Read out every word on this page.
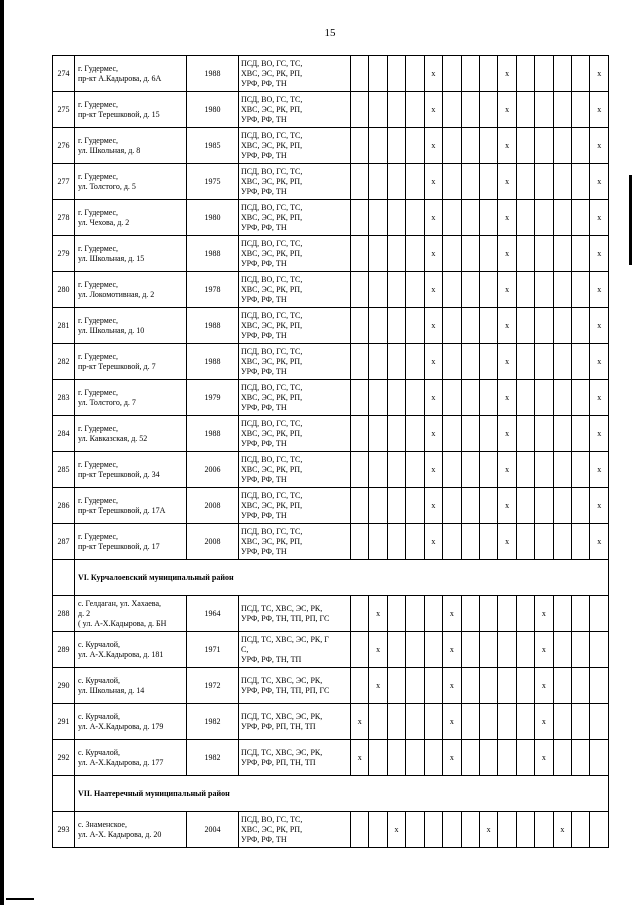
15
274	г. Гудермес,
пр-кт А.Кадырова, д. 6А	1988	ПСД, ВО, ГС, ТС,
ХВС, ЭС, РК, РП,
УРФ, РФ, ТН					x				x					x
275	г. Гудермес,
пр-кт Терешковой, д. 15	1980	ПСД, ВО, ГС, ТС,
ХВС, ЭС, РК, РП,
УРФ, РФ, ТН					x				x					x
276	г. Гудермес,
ул. Школьная, д. 8	1985	ПСД, ВО, ГС, ТС,
ХВС, ЭС, РК, РП,
УРФ, РФ, ТН					x				x					x
277	г. Гудермес,
ул. Толстого, д. 5	1975	ПСД, ВО, ГС, ТС,
ХВС, ЭС, РК, РП,
УРФ, РФ, ТН					x				x					x
278	г. Гудермес,
ул. Чехова, д. 2	1980	ПСД, ВО, ГС, ТС,
ХВС, ЭС, РК, РП,
УРФ, РФ, ТН					x				x					x
279	г. Гудермес,
ул. Школьная, д. 15	1988	ПСД, ВО, ГС, ТС,
ХВС, ЭС, РК, РП,
УРФ, РФ, ТН					x				x					x
280	г. Гудермес,
ул. Локомотивная, д. 2	1978	ПСД, ВО, ГС, ТС,
ХВС, ЭС, РК, РП,
УРФ, РФ, ТН					x				x					x
281	г. Гудермес,
ул. Школьная, д. 10	1988	ПСД, ВО, ГС, ТС,
ХВС, ЭС, РК, РП,
УРФ, РФ, ТН					x				x					x
282	г. Гудермес,
пр-кт Терешковой, д. 7	1988	ПСД, ВО, ГС, ТС,
ХВС, ЭС, РК, РП,
УРФ, РФ, ТН					x				x					x
283	г. Гудермес,
ул. Толстого, д. 7	1979	ПСД, ВО, ГС, ТС,
ХВС, ЭС, РК, РП,
УРФ, РФ, ТН					x				x					x
284	г. Гудермес,
ул. Кавказская, д. 52	1988	ПСД, ВО, ГС, ТС,
ХВС, ЭС, РК, РП,
УРФ, РФ, ТН					x				x					x
285	г. Гудермес,
пр-кт Терешковой, д. 34	2006	ПСД, ВО, ГС, ТС,
ХВС, ЭС, РК, РП,
УРФ, РФ, ТН					x				x					x
286	г. Гудермес,
пр-кт Терешковой, д. 17А	2008	ПСД, ВО, ГС, ТС,
ХВС, ЭС, РК, РП,
УРФ, РФ, ТН					x				x					x
287	г. Гудермес,
пр-кт Терешковой, д. 17	2008	ПСД, ВО, ГС, ТС,
ХВС, ЭС, РК, РП,
УРФ, РФ, ТН					x				x					x
	VI. Курчалоевский муниципальный район																
288	с. Гелдаган, ул. Хахаева,
д. 2
( ул. А-Х.Кадырова, д. БН	1964	ПСД, ТС, ХВС, ЭС, РК,
УРФ, РФ, ТН, ТП, РП, ГС		x				x					x			
289	с. Курчалой,
ул. А-Х.Кадырова, д. 181	1971	ПСД, ТС, ХВС, ЭС, РК, Г
С,
УРФ, РФ, ТН, ТП		x				x					x			
290	с. Курчалой,
ул. Школьная, д. 14	1972	ПСД, ТС, ХВС, ЭС, РК,
УРФ, РФ, ТН, ТП, РП, ГС		x				x					x			
291	с. Курчалой,
ул. А-Х.Кадырова, д. 179	1982	ПСД, ТС, ХВС, ЭС, РК,
УРФ, РФ, РП, ТН, ТП	x					x					x			
292	с. Курчалой,
ул. А-Х.Кадырова, д. 177	1982	ПСД, ТС, ХВС, ЭС, РК,
УРФ, РФ, РП, ТН, ТП	x					x					x			
	VII. Наатеречный муниципальный район																
293	с. Знаменское,
ул. А-Х. Кадырова, д. 20	2004	ПСД, ВО, ГС, ТС,
ХВС, ЭС, РК, РП,
УРФ, РФ, ТН			x					x				x		
